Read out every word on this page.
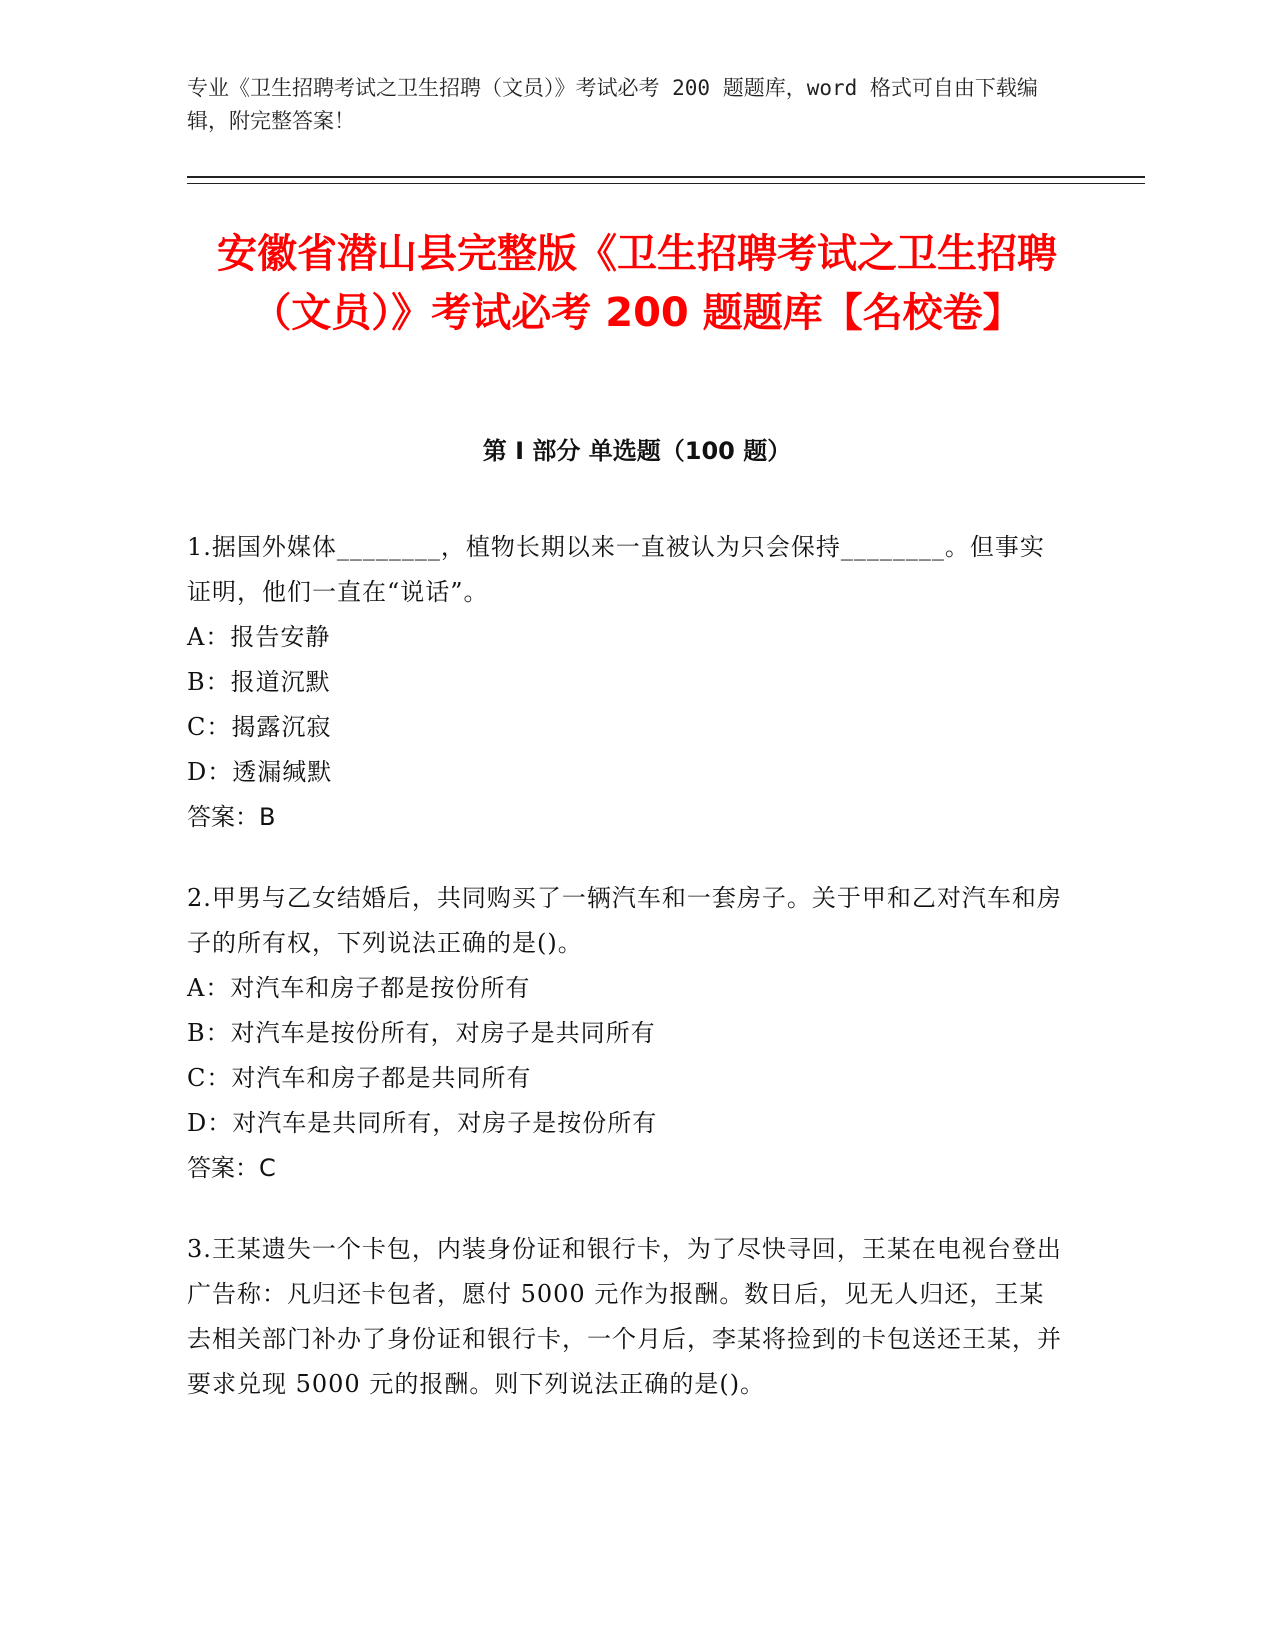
专业《卫生招聘考试之卫生招聘（文员）》考试必考 200 题题库，word 格式可自由下载编辑，附完整答案！
安徽省潜山县完整版《卫生招聘考试之卫生招聘（文员）》考试必考 200 题题库【名校卷】
第 I 部分 单选题（100 题）
1.据国外媒体________，植物长期以来一直被认为只会保持________。但事实证明，他们一直在“说话”。
A：报告安静
B：报道沉默
C：揭露沉寂
D：透漏缄默
答案：B
2.甲男与乙女结婚后，共同购买了一辆汽车和一套房子。关于甲和乙对汽车和房子的所有权，下列说法正确的是()。
A：对汽车和房子都是按份所有
B：对汽车是按份所有，对房子是共同所有
C：对汽车和房子都是共同所有
D：对汽车是共同所有，对房子是按份所有
答案：C
3.王某遗失一个卡包，内装身份证和银行卡，为了尽快寻回，王某在电视台登出广告称：凡归还卡包者，愿付 5000 元作为报酬。数日后，见无人归还，王某去相关部门补办了身份证和银行卡，一个月后，李某将捡到的卡包送还王某，并要求兑现 5000 元的报酬。则下列说法正确的是()。
